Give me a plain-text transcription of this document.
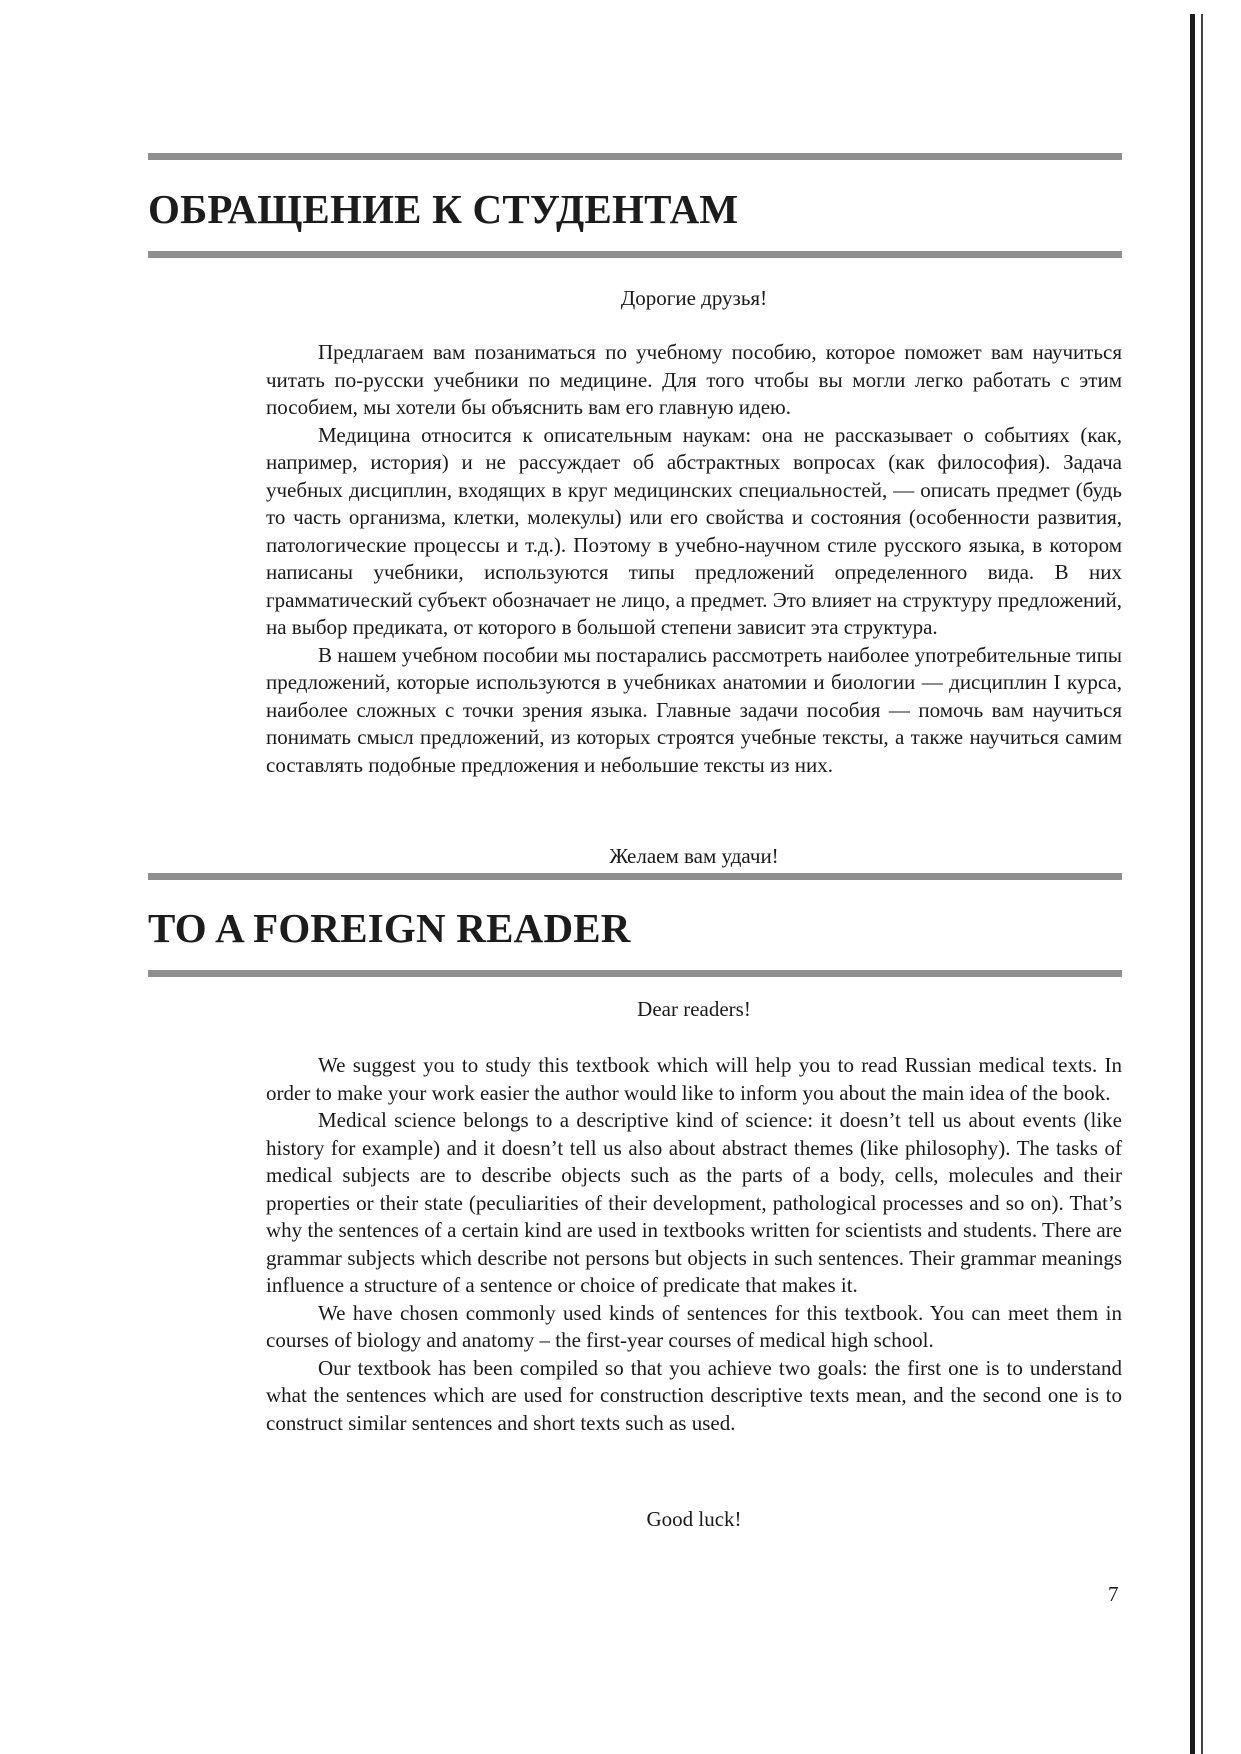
ОБРАЩЕНИЕ К СТУДЕНТАМ

Дорогие друзья!

Предлагаем вам позаниматься по учебному пособию, которое поможет вам научиться читать по-русски учебники по медицине. Для того чтобы вы могли легко работать с этим пособием, мы хотели бы объяснить вам его главную идею.

Медицина относится к описательным наукам: она не рассказывает о событиях (как, например, история) и не рассуждает об абстрактных вопросах (как философия). Задача учебных дисциплин, входящих в круг медицинских специальностей, — описать предмет (будь то часть организма, клетки, молекулы) или его свойства и состояния (особенности развития, патологические процессы и т.д.). Поэтому в учебно-научном стиле русского языка, в котором написаны учебники, используются типы предложений определенного вида. В них грамматический субъект обозначает не лицо, а предмет. Это влияет на структуру предложений, на выбор предиката, от которого в большой степени зависит эта структура.

В нашем учебном пособии мы постарались рассмотреть наиболее употребительные типы предложений, которые используются в учебниках анатомии и биологии — дисциплин I курса, наиболее сложных с точки зрения языка. Главные задачи пособия — помочь вам научиться понимать смысл предложений, из которых строятся учебные тексты, а также научиться самим составлять подобные предложения и небольшие тексты из них.

Желаем вам удачи!

TO A FOREIGN READER

Dear readers!

We suggest you to study this textbook which will help you to read Russian medical texts. In order to make your work easier the author would like to inform you about the main idea of the book.

Medical science belongs to a descriptive kind of science: it doesn’t tell us about events (like history for example) and it doesn’t tell us also about abstract themes (like philosophy). The tasks of medical subjects are to describe objects such as the parts of a body, cells, molecules and their properties or their state (peculiarities of their development, pathological processes and so on). That’s why the sentences of a certain kind are used in textbooks written for scientists and students. There are grammar subjects which describe not persons but objects in such sentences. Their grammar meanings influence a structure of a sentence or choice of predicate that makes it.

We have chosen commonly used kinds of sentences for this textbook. You can meet them in courses of biology and anatomy – the first-year courses of medical high school.

Our textbook has been compiled so that you achieve two goals: the first one is to understand what the sentences which are used for construction descriptive texts mean, and the second one is to construct similar sentences and short texts such as used.

Good luck!

7
